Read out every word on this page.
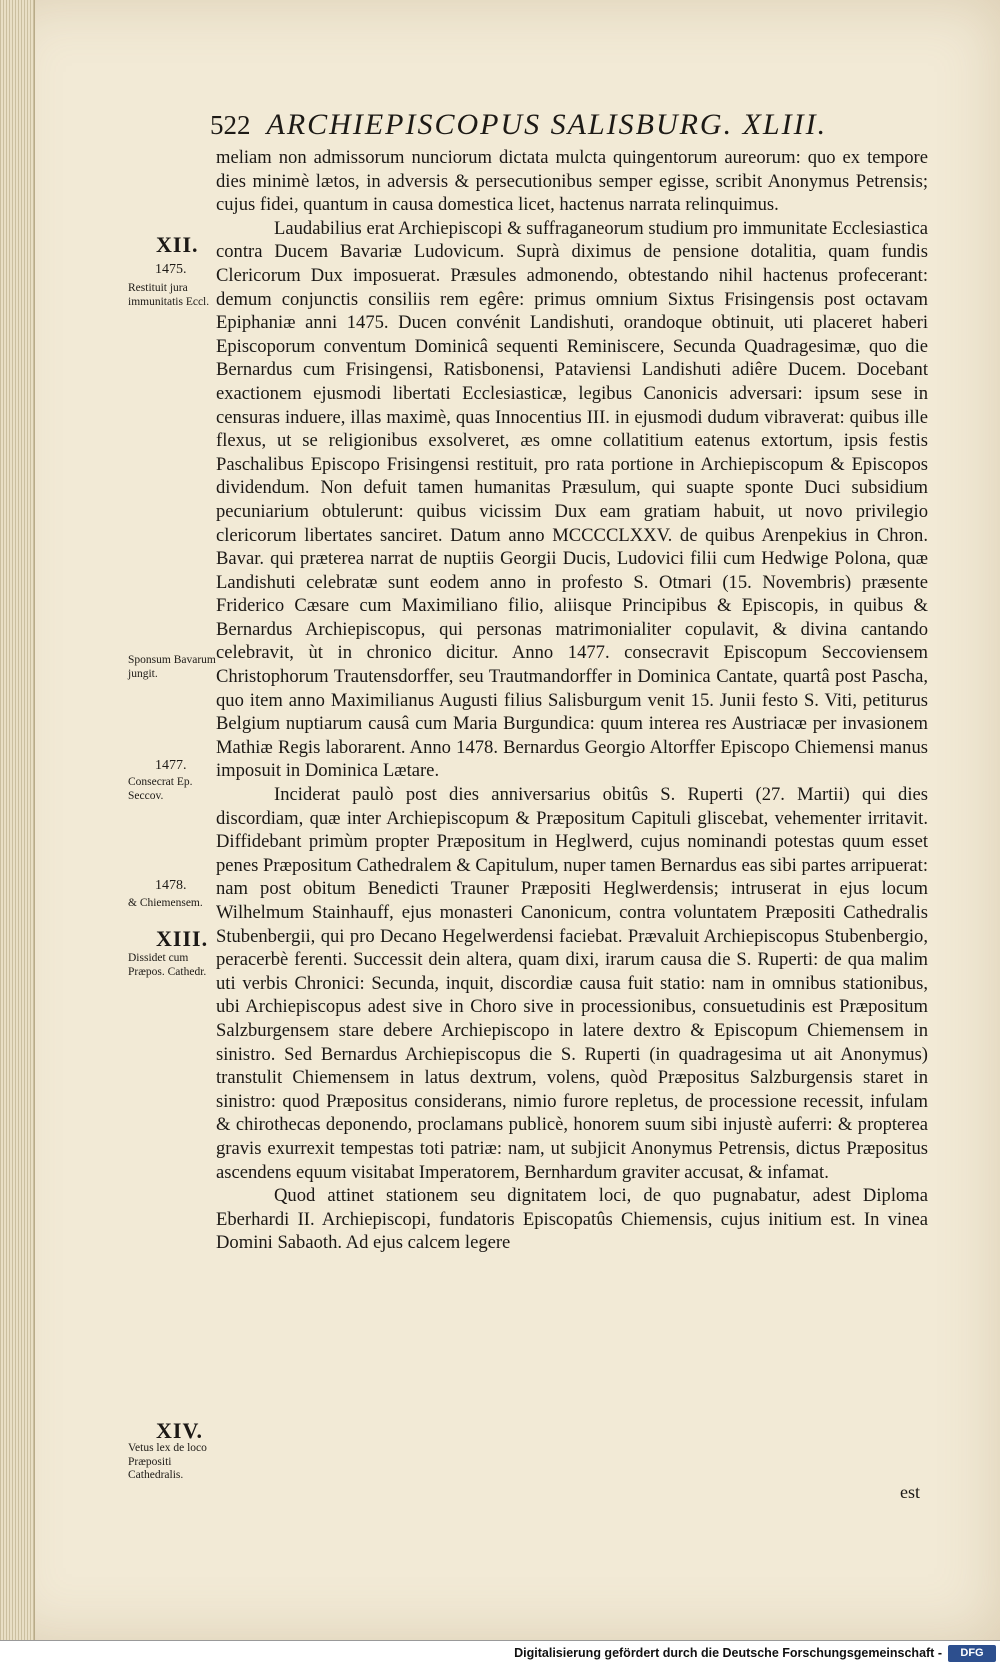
522 ARCHIEPISCOPUS SALISBURG. XLIII.

meliam non admissorum nunciorum dictata mulcta quingentorum aureorum: quo ex tempore dies minimè lætos, in adversis & persecutionibus semper egisse, scribit Anonymus Petrensis; cujus fidei, quantum in causa domestica licet, hactenus narrata relinquimus.

Laudabilius erat Archiepiscopi & suffraganeorum studium pro immunitate Ecclesiastica contra Ducem Bavariæ Ludovicum. Suprà diximus de pensione dotalitia, quam fundis Clericorum Dux imposuerat. Præsules admonendo, obtestando nihil hactenus profecerant: demum conjunctis consiliis rem egêre: primus omnium Sixtus Frisingensis post octavam Epiphaniæ anni 1475. Ducen convénit Landishuti, orandoque obtinuit, uti placeret haberi Episcoporum conventum Dominicâ sequenti Reminiscere, Secunda Quadragesimæ, quo die Bernardus cum Frisingensi, Ratisbonensi, Pataviensi Landishuti adiêre Ducem. Docebant exactionem ejusmodi libertati Ecclesiasticæ, legibus Canonicis adversari: ipsum sese in censuras induere, illas maximè, quas Innocentius III. in ejusmodi dudum vibraverat: quibus ille flexus, ut se religionibus exsolveret, æs omne collatitium eatenus extortum, ipsis festis Paschalibus Episcopo Frisingensi restituit, pro rata portione in Archiepiscopum & Episcopos dividendum. Non defuit tamen humanitas Præsulum, qui suapte sponte Duci subsidium pecuniarium obtulerunt: quibus vicissim Dux eam gratiam habuit, ut novo privilegio clericorum libertates sanciret. Datum anno MCCCCLXXV. de quibus Arenpekius in Chron. Bavar. qui præterea narrat de nuptiis Georgii Ducis, Ludovici filii cum Hedwige Polona, quæ Landishuti celebratæ sunt eodem anno in profesto S. Otmari (15. Novembris) præsente Friderico Cæsare cum Maximiliano filio, aliisque Principibus & Episcopis, in quibus & Bernardus Archiepiscopus, qui personas matrimonialiter copulavit, & divina cantando celebravit, ùt in chronico dicitur. Anno 1477. consecravit Episcopum Seccoviensem Christophorum Trautensdorffer, seu Trautmandorffer in Dominica Cantate, quartâ post Pascha, quo item anno Maximilianus Augusti filius Salisburgum venit 15. Junii festo S. Viti, petiturus Belgium nuptiarum causâ cum Maria Burgundica: quum interea res Austriacæ per invasionem Mathiæ Regis laborarent. Anno 1478. Bernardus Georgio Altorffer Episcopo Chiemensi manus imposuit in Dominica Lætare.

Inciderat paulò post dies anniversarius obitûs S. Ruperti (27. Martii) qui dies discordiam, quæ inter Archiepiscopum & Præpositum Capituli gliscebat, vehementer irritavit. Diffidebant primùm propter Præpositum in Heglwerd, cujus nominandi potestas quum esset penes Præpositum Cathedralem & Capitulum, nuper tamen Bernardus eas sibi partes arripuerat: nam post obitum Benedicti Trauner Præpositi Heglwerdensis; intruserat in ejus locum Wilhelmum Stainhauff, ejus monasteri Canonicum, contra voluntatem Præpositi Cathedralis Stubenbergii, qui pro Decano Hegelwerdensi faciebat. Prævaluit Archiepiscopus Stubenbergio, peracerbè ferenti. Successit dein altera, quam dixi, irarum causa die S. Ruperti: de qua malim uti verbis Chronici: Secunda, inquit, discordiæ causa fuit statio: nam in omnibus stationibus, ubi Archiepiscopus adest sive in Choro sive in processionibus, consuetudinis est Præpositum Salzburgensem stare debere Archiepiscopo in latere dextro & Episcopum Chiemensem in sinistro. Sed Bernardus Archiepiscopus die S. Ruperti (in quadragesima ut ait Anonymus) transtulit Chiemensem in latus dextrum, volens, quòd Præpositus Salzburgensis staret in sinistro: quod Præpositus considerans, nimio furore repletus, de processione recessit, infulam & chirothecas deponendo, proclamans publicè, honorem suum sibi injustè auferri: & propterea gravis exurrexit tempestas toti patriæ: nam, ut subjicit Anonymus Petrensis, dictus Præpositus ascendens equum visitabat Imperatorem, Bernhardum graviter accusat, & infamat.

Quod attinet stationem seu dignitatem loci, de quo pugnabatur, adest Diploma Eberhardi II. Archiepiscopi, fundatoris Episcopatûs Chiemensis, cujus initium est. In vinea Domini Sabaoth. Ad ejus calcem legere

XII.
1475.
Restituit jura immunitatis Eccl.
Sponsum Bavarum jungit.
1477.
Consecrat Ep. Seccov.
1478.
& Chiemensem.
XIII.
Dissidet cum Præpos. Cathedr.
XIV.
Vetus lex de loco Præpositi Cathedralis.
est
Digitalisierung gefördert durch die Deutsche Forschungsgemeinschaft -	DFG
